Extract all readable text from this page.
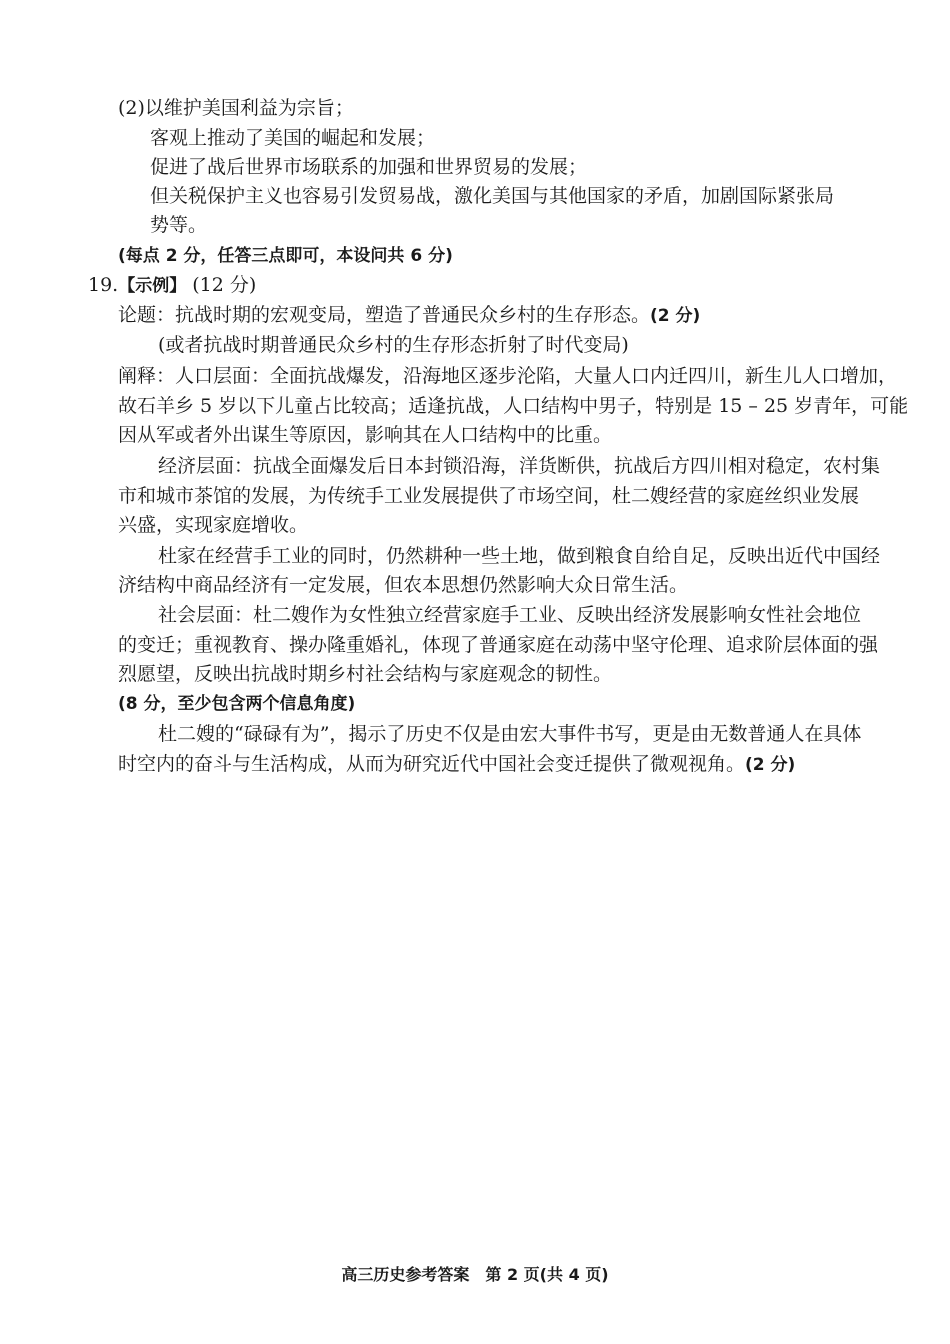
(2)以维护美国利益为宗旨；
客观上推动了美国的崛起和发展；
促进了战后世界市场联系的加强和世界贸易的发展；
但关税保护主义也容易引发贸易战，激化美国与其他国家的矛盾，加剧国际紧张局
势等。
(每点 2 分，任答三点即可，本设问共 6 分)
19.【示例】 (12 分)
论题：抗战时期的宏观变局，塑造了普通民众乡村的生存形态。(2 分)
(或者抗战时期普通民众乡村的生存形态折射了时代变局)
阐释：人口层面：全面抗战爆发，沿海地区逐步沦陷，大量人口内迁四川，新生儿人口增加，
故石羊乡 5 岁以下儿童占比较高；适逢抗战，人口结构中男子，特别是 15 – 25 岁青年，可能
因从军或者外出谋生等原因，影响其在人口结构中的比重。
经济层面：抗战全面爆发后日本封锁沿海，洋货断供，抗战后方四川相对稳定，农村集
市和城市茶馆的发展，为传统手工业发展提供了市场空间，杜二嫂经营的家庭丝织业发展
兴盛，实现家庭增收。
杜家在经营手工业的同时，仍然耕种一些土地，做到粮食自给自足，反映出近代中国经
济结构中商品经济有一定发展，但农本思想仍然影响大众日常生活。
社会层面：杜二嫂作为女性独立经营家庭手工业、反映出经济发展影响女性社会地位
的变迁；重视教育、操办隆重婚礼，体现了普通家庭在动荡中坚守伦理、追求阶层体面的强
烈愿望，反映出抗战时期乡村社会结构与家庭观念的韧性。
(8 分，至少包含两个信息角度)
杜二嫂的“碌碌有为”，揭示了历史不仅是由宏大事件书写，更是由无数普通人在具体
时空内的奋斗与生活构成，从而为研究近代中国社会变迁提供了微观视角。(2 分)
高三历史参考答案　第 2 页(共 4 页)
